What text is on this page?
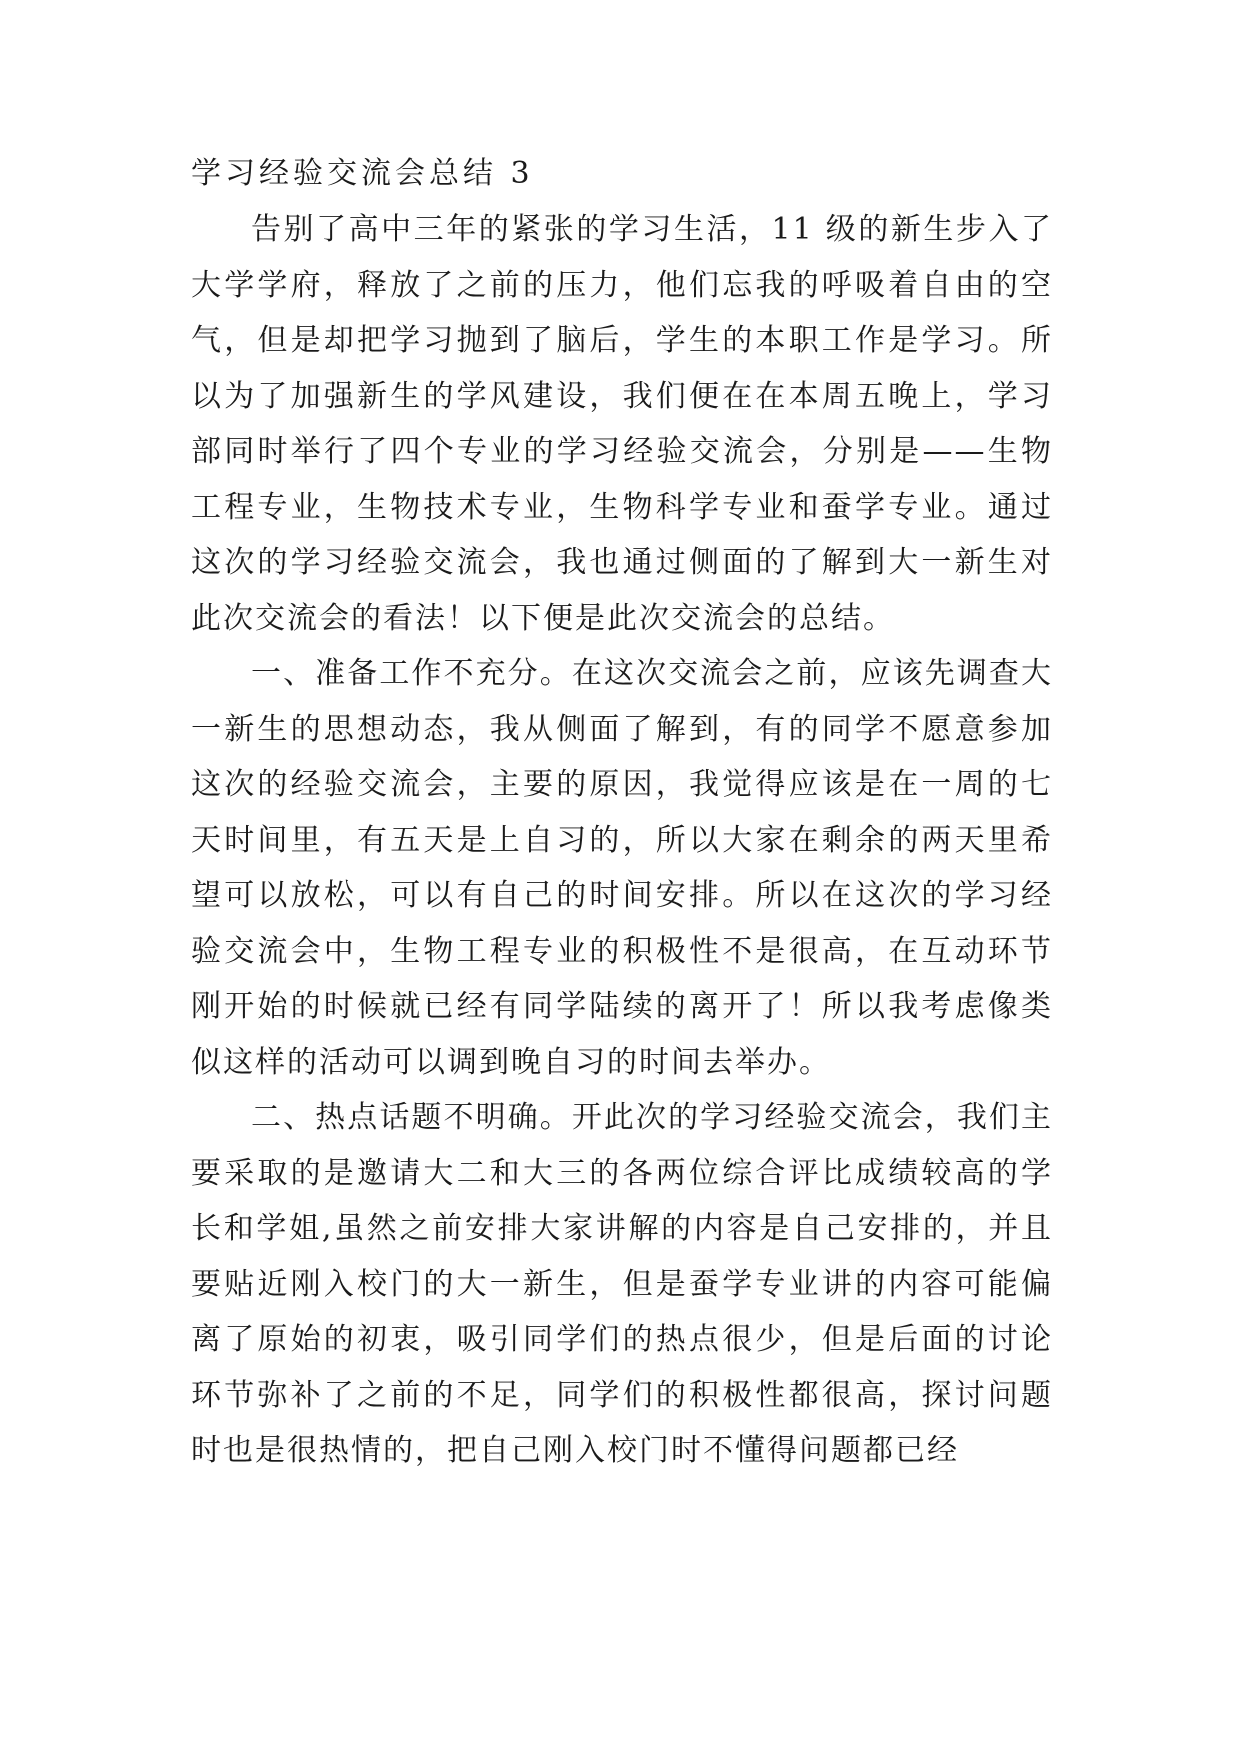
学习经验交流会总结 3

告别了高中三年的紧张的学习生活，11 级的新生步入了大学学府，释放了之前的压力，他们忘我的呼吸着自由的空气，但是却把学习抛到了脑后，学生的本职工作是学习。所以为了加强新生的学风建设，我们便在在本周五晚上，学习部同时举行了四个专业的学习经验交流会，分别是——生物工程专业，生物技术专业，生物科学专业和蚕学专业。通过这次的学习经验交流会，我也通过侧面的了解到大一新生对此次交流会的看法！以下便是此次交流会的总结。

一、准备工作不充分。在这次交流会之前，应该先调查大一新生的思想动态，我从侧面了解到，有的同学不愿意参加这次的经验交流会，主要的原因，我觉得应该是在一周的七天时间里，有五天是上自习的，所以大家在剩余的两天里希望可以放松，可以有自己的时间安排。所以在这次的学习经验交流会中，生物工程专业的积极性不是很高，在互动环节刚开始的时候就已经有同学陆续的离开了！所以我考虑像类似这样的活动可以调到晚自习的时间去举办。

二、热点话题不明确。开此次的学习经验交流会，我们主要采取的是邀请大二和大三的各两位综合评比成绩较高的学长和学姐,虽然之前安排大家讲解的内容是自己安排的，并且要贴近刚入校门的大一新生，但是蚕学专业讲的内容可能偏离了原始的初衷，吸引同学们的热点很少，但是后面的讨论环节弥补了之前的不足，同学们的积极性都很高，探讨问题时也是很热情的，把自己刚入校门时不懂得问题都已经
